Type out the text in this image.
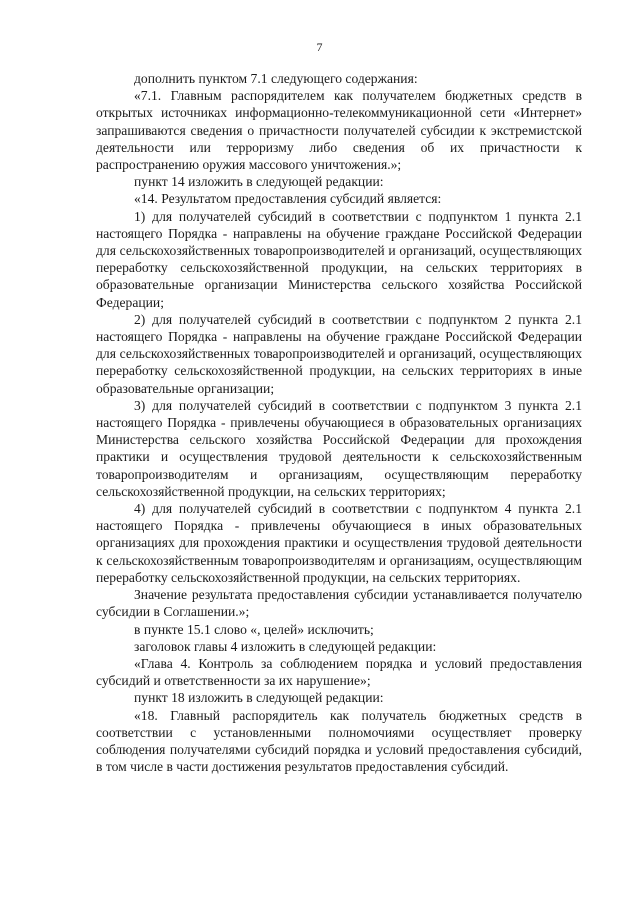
7

дополнить пунктом 7.1 следующего содержания:

«7.1. Главным распорядителем как получателем бюджетных средств в открытых источниках информационно-телекоммуникационной сети «Интернет» запрашиваются сведения о причастности получателей субсидии к экстремистской деятельности или терроризму либо сведения об их причастности к распространению оружия массового уничтожения.»;

пункт 14 изложить в следующей редакции:

«14. Результатом предоставления субсидий является:

1) для получателей субсидий в соответствии с подпунктом 1 пункта 2.1 настоящего Порядка - направлены на обучение граждане Российской Федерации для сельскохозяйственных товаропроизводителей и организаций, осуществляющих переработку сельскохозяйственной продукции, на сельских территориях в образовательные организации Министерства сельского хозяйства Российской Федерации;

2) для получателей субсидий в соответствии с подпунктом 2 пункта 2.1 настоящего Порядка - направлены на обучение граждане Российской Федерации для сельскохозяйственных товаропроизводителей и организаций, осуществляющих переработку сельскохозяйственной продукции, на сельских территориях в иные образовательные организации;

3) для получателей субсидий в соответствии с подпунктом 3 пункта 2.1 настоящего Порядка - привлечены обучающиеся в образовательных организациях Министерства сельского хозяйства Российской Федерации для прохождения практики и осуществления трудовой деятельности к сельскохозяйственным товаропроизводителям и организациям, осуществляющим переработку сельскохозяйственной продукции, на сельских территориях;

4) для получателей субсидий в соответствии с подпунктом 4 пункта 2.1 настоящего Порядка - привлечены обучающиеся в иных образовательных организациях для прохождения практики и осуществления трудовой деятельности к сельскохозяйственным товаропроизводителям и организациям, осуществляющим переработку сельскохозяйственной продукции, на сельских территориях.

Значение результата предоставления субсидии устанавливается получателю субсидии в Соглашении.»;

в пункте 15.1 слово «, целей» исключить;

заголовок главы 4 изложить в следующей редакции:

«Глава 4. Контроль за соблюдением порядка и условий предоставления субсидий и ответственности за их нарушение»;

пункт 18 изложить в следующей редакции:

«18. Главный распорядитель как получатель бюджетных средств в соответствии с установленными полномочиями осуществляет проверку соблюдения получателями субсидий порядка и условий предоставления субсидий, в том числе в части достижения результатов предоставления субсидий.
